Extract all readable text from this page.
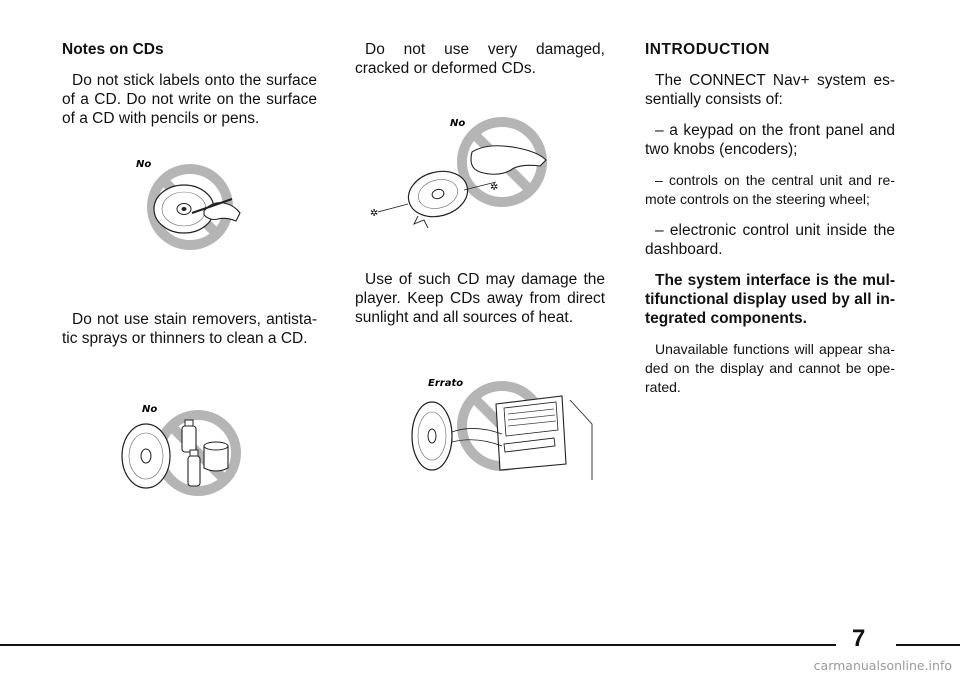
Notes on CDs

Do not stick labels onto the surface of a CD. Do not write on the surface of a CD with pencils or pens.

No

Do not use stain removers, antistatic sprays or thinners to clean a CD.

No

Do not use very damaged, cracked or deformed CDs.

No
✲
✲

Use of such CD may damage the player. Keep CDs away from direct sunlight and all sources of heat.

Errato
INTRODUCTION

The CONNECT Nav+ system essentially consists of:

– a keypad on the front panel and two knobs (encoders);

– controls on the central unit and remote controls on the steering wheel;

– electronic control unit inside the dashboard.

The system interface is the multifunctional display used by all integrated components.

Unavailable functions will appear shaded on the display and cannot be operated.

7
carmanualsonline.info
